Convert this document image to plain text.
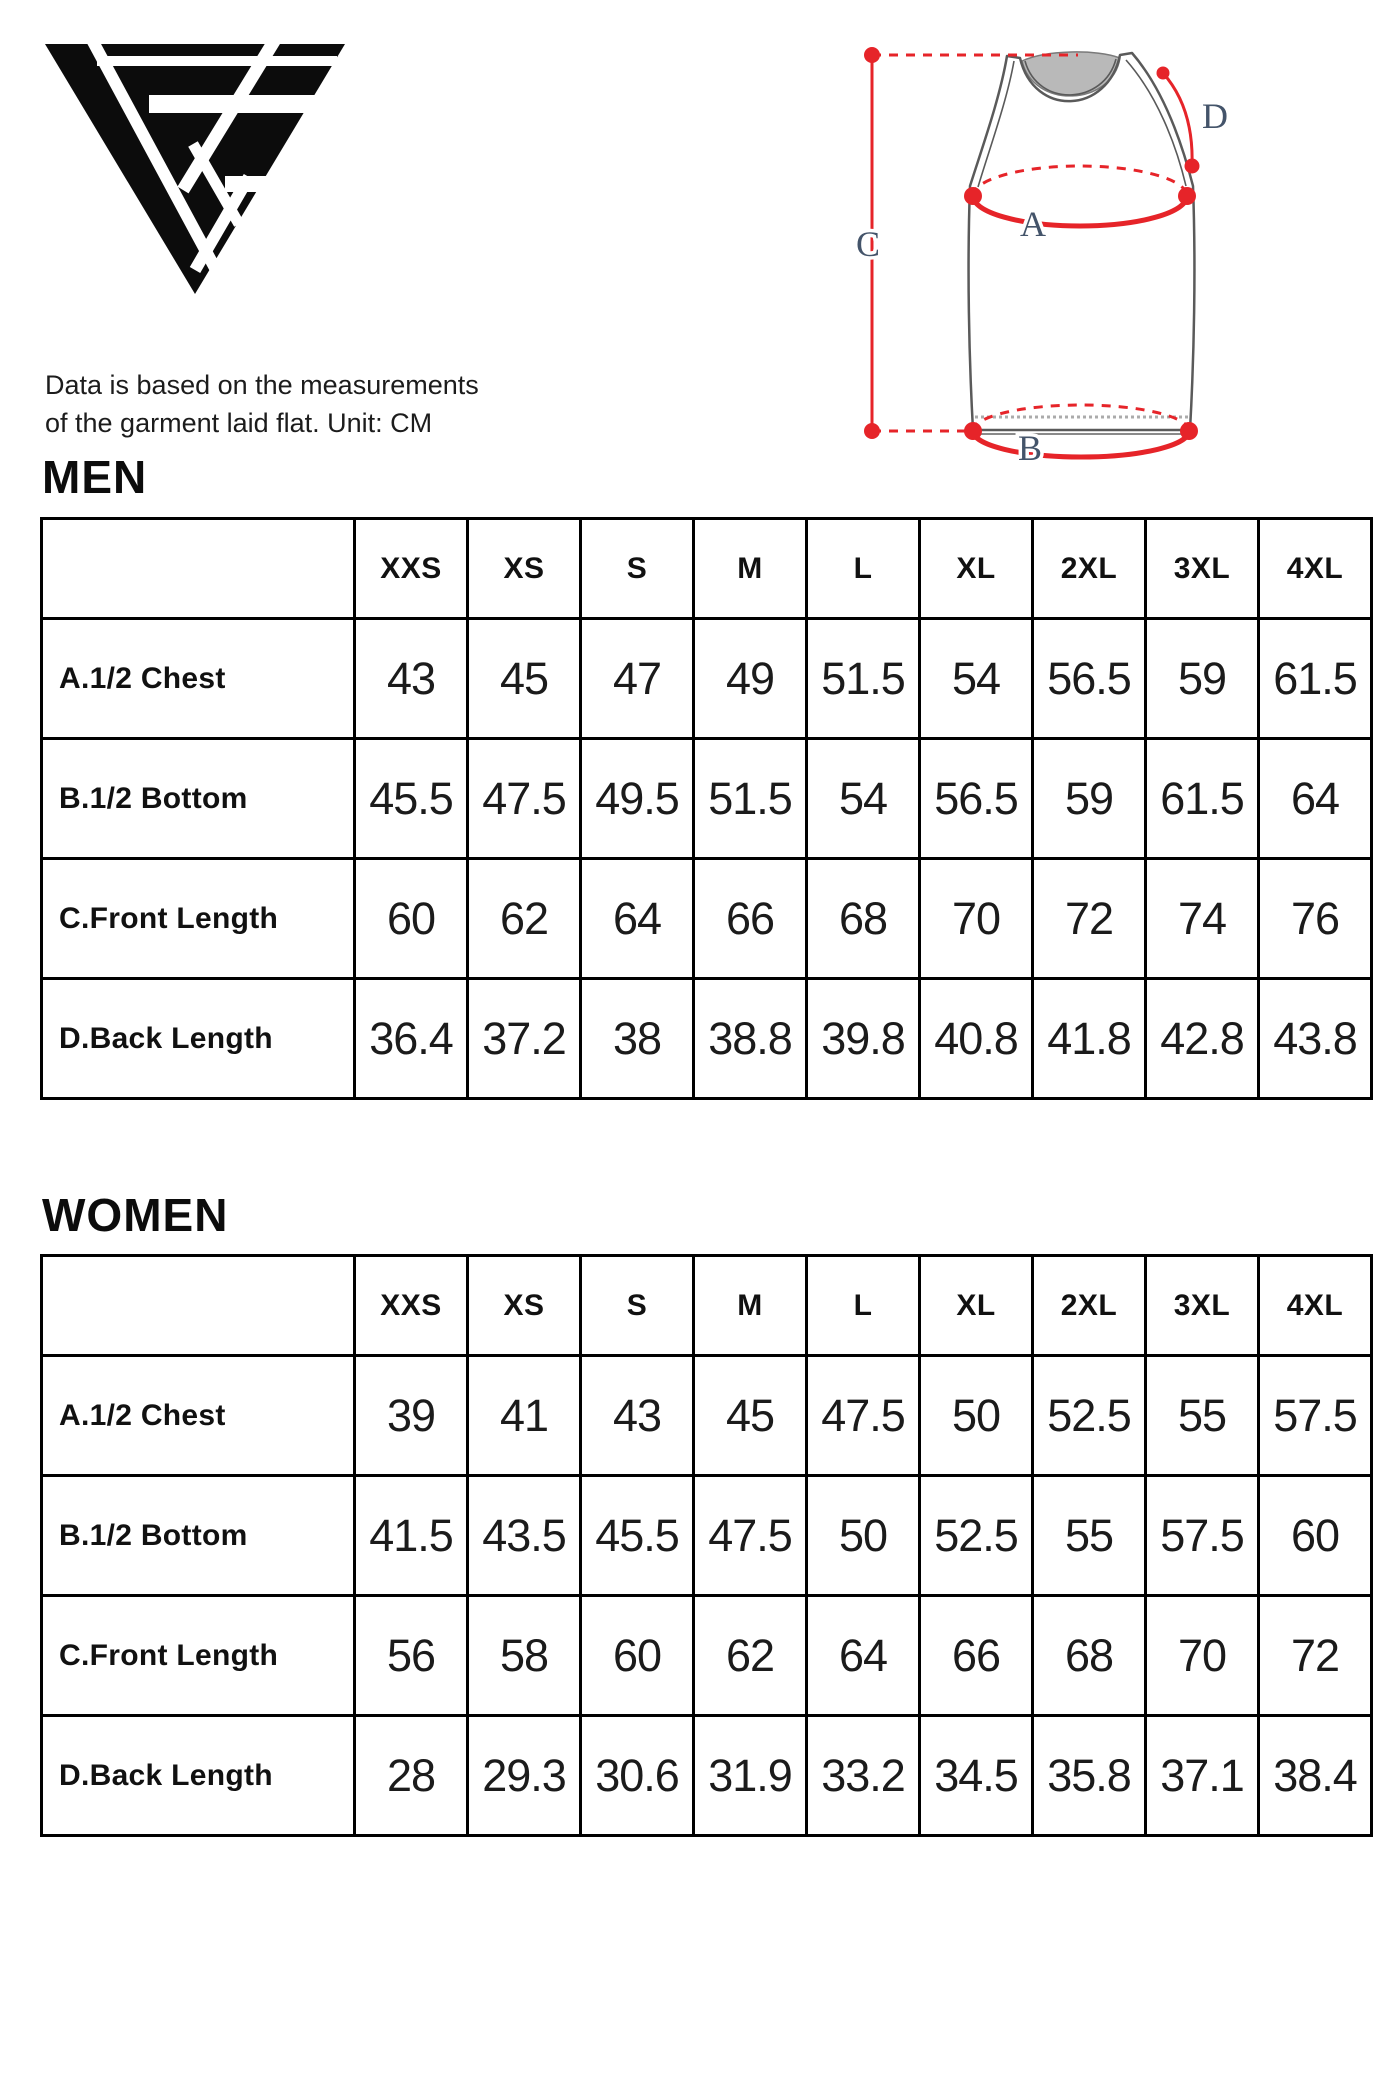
A
B
C
D
Data is based on the measurements
of the garment laid flat. Unit: CM
MEN
	XXS	XS	S	M	L	XL	2XL	3XL	4XL
A.1/2 Chest	43	45	47	49	51.5	54	56.5	59	61.5
B.1/2 Bottom	45.5	47.5	49.5	51.5	54	56.5	59	61.5	64
C.Front Length	60	62	64	66	68	70	72	74	76
D.Back Length	36.4	37.2	38	38.8	39.8	40.8	41.8	42.8	43.8
WOMEN
	XXS	XS	S	M	L	XL	2XL	3XL	4XL
A.1/2 Chest	39	41	43	45	47.5	50	52.5	55	57.5
B.1/2 Bottom	41.5	43.5	45.5	47.5	50	52.5	55	57.5	60
C.Front Length	56	58	60	62	64	66	68	70	72
D.Back Length	28	29.3	30.6	31.9	33.2	34.5	35.8	37.1	38.4
